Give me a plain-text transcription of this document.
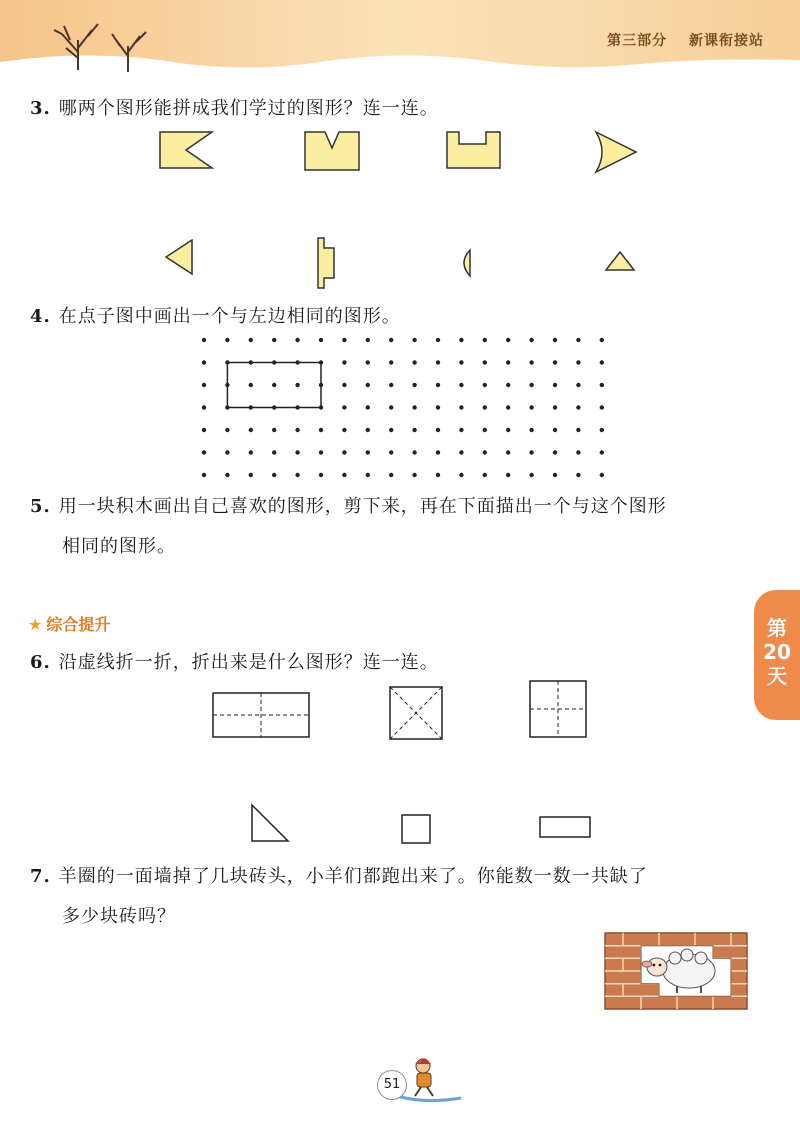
第三部分 新课衔接站
3. 哪两个图形能拼成我们学过的图形？连一连。
4. 在点子图中画出一个与左边相同的图形。
5. 用一块积木画出自己喜欢的图形，剪下来，再在下面描出一个与这个图形
相同的图形。
★ 综合提升
6. 沿虚线折一折，折出来是什么图形？连一连。
7. 羊圈的一面墙掉了几块砖头，小羊们都跑出来了。你能数一数一共缺了
多少块砖吗？
第
20
天
51
